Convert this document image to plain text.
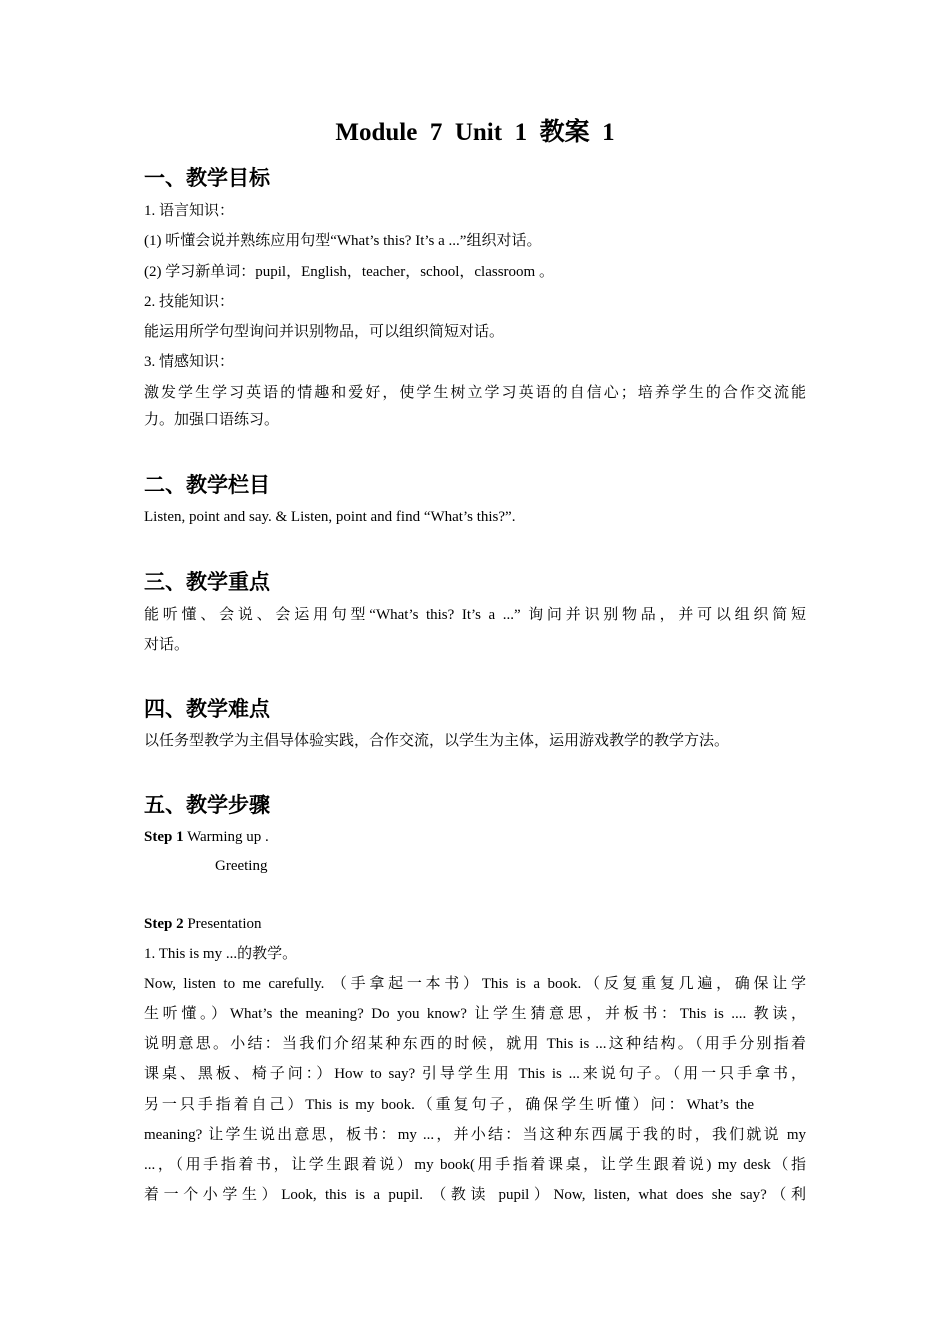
Module  7  Unit  1  教案  1
一、教学目标
1. 语言知识：
(1) 听懂会说并熟练应用句型“What’s this? It’s a ...”组织对话。
(2) 学习新单词：pupil，English，teacher，school，classroom 。
2. 技能知识：
能运用所学句型询问并识别物品，可以组织简短对话。
3. 情感知识：
激发学生学习英语的情趣和爱好，使学生树立学习英语的自信心；培养学生的合作交流能
力。加强口语练习。
二、教学栏目
Listen, point and say. & Listen, point and find “What’s this?”.
三、教学重点
能听懂、会说、会运用句型“What’s this? It’s a ...” 询问并识别物品，并可以组织简短
对话。
四、教学难点
以任务型教学为主倡导体验实践，合作交流，以学生为主体，运用游戏教学的教学方法。
五、教学步骤
Step 1 Warming up .
Greeting
Step 2 Presentation
1. This is my ...的教学。
Now, listen to me carefully. （手拿起一本书）This is a book.（反复重复几遍，确保让学
生听懂。）What’s the meaning? Do you know? 让学生猜意思，并板书：This is .... 教读，
说明意思。小结：当我们介绍某种东西的时候，就用 This is ...这种结构。（用手分别指着
课桌、黑板、椅子问：）How to say? 引导学生用 This is ...来说句子。（用一只手拿书，
另一只手指着自己）This is my book.（重复句子，确保学生听懂）问：What’s the
meaning? 让学生说出意思，板书：my ...，并小结：当这种东西属于我的时，我们就说 my
...，（用手指着书，让学生跟着说）my book(用手指着课桌，让学生跟着说) my desk（指
着一个小学生）Look, this is a pupil. （教读 pupil）Now, listen, what does she say?（利
